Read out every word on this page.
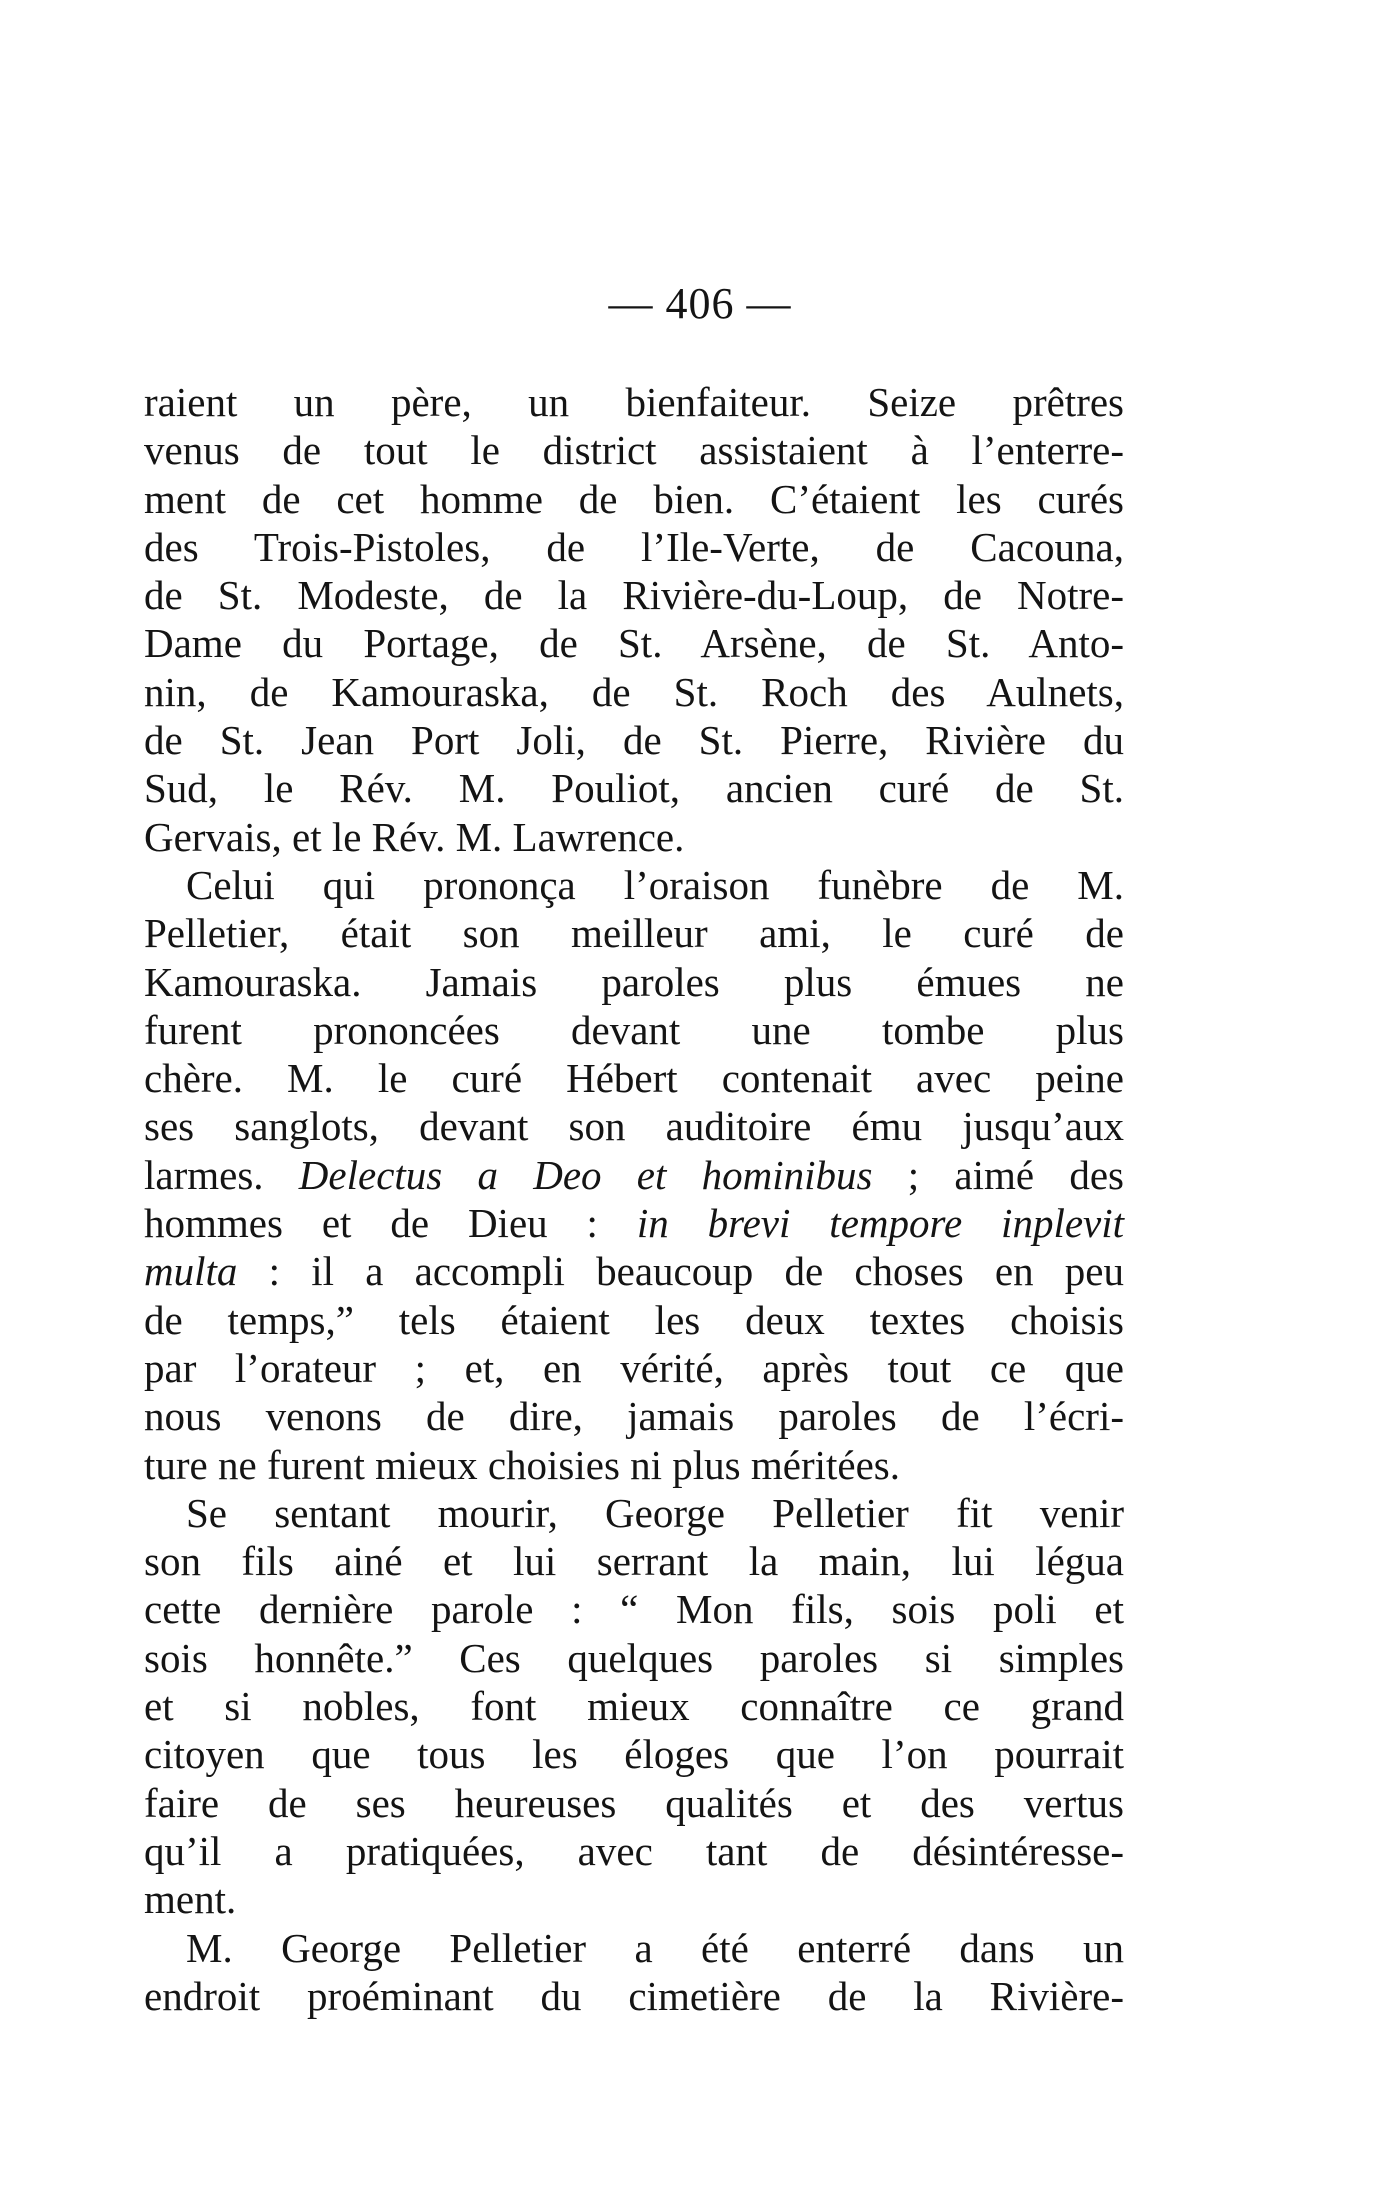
— 406 —
raient un père, un bienfaiteur. Seize prêtres
venus de tout le district assistaient à l’enterre-
ment de cet homme de bien. C’étaient les curés
des Trois-Pistoles, de l’Ile-Verte, de Cacouna,
de St. Modeste, de la Rivière-du-Loup, de Notre-
Dame du Portage, de St. Arsène, de St. Anto-
nin, de Kamouraska, de St. Roch des Aulnets,
de St. Jean Port Joli, de St. Pierre, Rivière du
Sud, le Rév. M. Pouliot, ancien curé de St.
Gervais, et le Rév. M. Lawrence.
Celui qui prononça l’oraison funèbre de M.
Pelletier, était son meilleur ami, le curé de
Kamouraska. Jamais paroles plus émues ne
furent prononcées devant une tombe plus
chère. M. le curé Hébert contenait avec peine
ses sanglots, devant son auditoire ému jusqu’aux
larmes. Delectus a Deo et hominibus ; aimé des
hommes et de Dieu : in brevi tempore inplevit
multa : il a accompli beaucoup de choses en peu
de temps,” tels étaient les deux textes choisis
par l’orateur ; et, en vérité, après tout ce que
nous venons de dire, jamais paroles de l’écri-
ture ne furent mieux choisies ni plus méritées.
Se sentant mourir, George Pelletier fit venir
son fils ainé et lui serrant la main, lui légua
cette dernière parole : “ Mon fils, sois poli et
sois honnête.” Ces quelques paroles si simples
et si nobles, font mieux connaître ce grand
citoyen que tous les éloges que l’on pourrait
faire de ses heureuses qualités et des vertus
qu’il a pratiquées, avec tant de désintéresse-
ment.
M. George Pelletier a été enterré dans un
endroit proéminant du cimetière de la Rivière-
